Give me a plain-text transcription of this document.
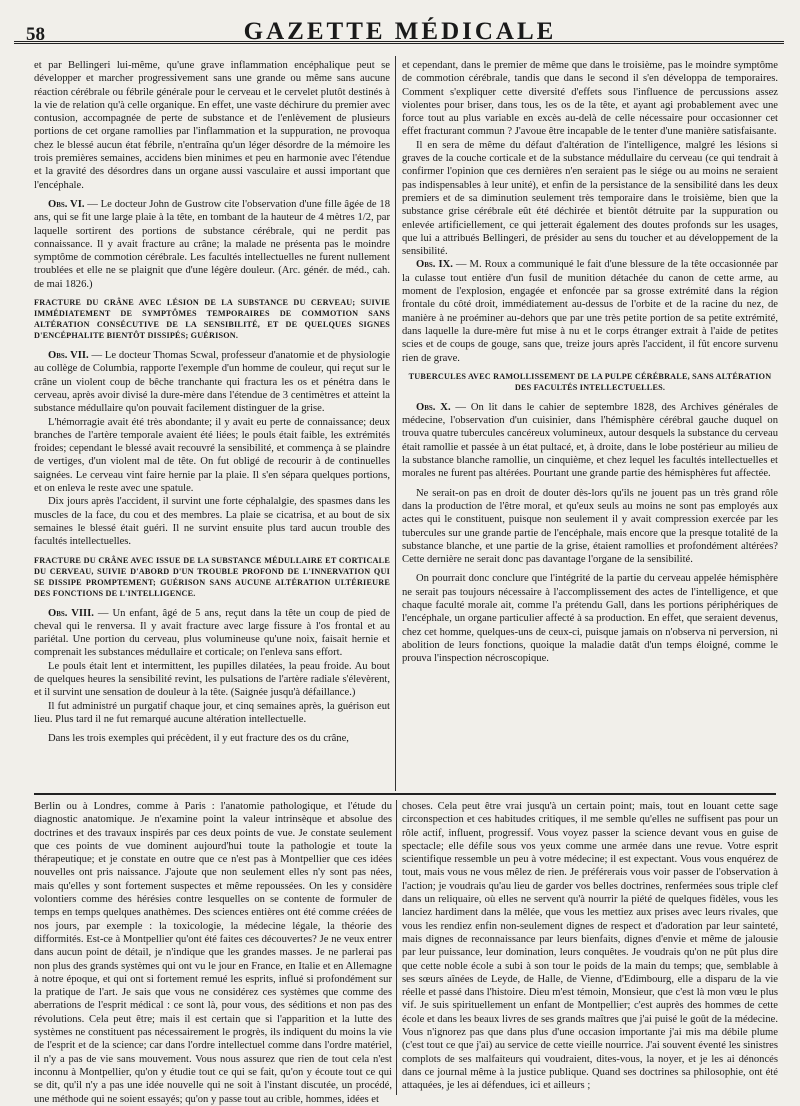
58	GAZETTE MÉDICALE

et par Bellingeri lui-même, qu'une grave inflammation encéphalique peut se développer et marcher progressivement sans une grande ou même sans aucune réaction cérébrale ou fébrile générale pour le cerveau et le cervelet plutôt destinés à la vie de relation qu'à celle organique. En effet, une vaste déchirure du premier avec contusion, accompagnée de perte de substance et de l'enlèvement de plusieurs portions de cet organe ramollies par l'inflammation et la suppuration, ne provoqua chez le blessé aucun état fébrile, n'entraîna qu'un léger désordre de la mémoire les trois premières semaines, accidens bien minimes et peu en harmonie avec l'étendue et la gravité des désordres dans un organe aussi vasculaire et aussi important que l'encéphale.

Obs. VI. — Le docteur John de Gustrow cite l'observation d'une fille âgée de 18 ans, qui se fit une large plaie à la tête, en tombant de la hauteur de 4 mètres 1/2, par laquelle sortirent des portions de substance cérébrale, qui ne perdit pas connaissance. Il y avait fracture au crâne; la malade ne présenta pas le moindre symptôme de commotion cérébrale. Les facultés intellectuelles ne furent nullement troublées et elle ne se plaignit que d'une légère douleur. (Arc. génér. de méd., cah. de mai 1826.)

FRACTURE DU CRÂNE AVEC LÉSION DE LA SUBSTANCE DU CERVEAU; SUIVIE IMMÉDIATEMENT DE SYMPTÔMES TEMPORAIRES DE COMMOTION SANS ALTÉRATION CONSÉCUTIVE DE LA SENSIBILITÉ, ET DE QUELQUES SIGNES D'ENCÉPHALITE BIENTÔT DISSIPÉS; GUÉRISON.

Obs. VII. — Le docteur Thomas Scwal, professeur d'anatomie et de physiologie au collège de Columbia, rapporte l'exemple d'un homme de couleur, qui reçut sur le crâne un violent coup de bêche tranchante qui fractura les os et pénétra dans le cerveau, après avoir divisé la dure-mère dans l'étendue de 3 centimètres et atteint la substance médullaire qu'on pouvait facilement distinguer de la grise.

L'hémorragie avait été très abondante; il y avait eu perte de connaissance; deux branches de l'artère temporale avaient été liées; le pouls était faible, les extrémités froides; cependant le blessé avait recouvré la sensibilité, et commença à se plaindre de vertiges, d'un violent mal de tête. On fut obligé de recourir à de continuelles saignées. Le cerveau vint faire hernie par la plaie. Il s'en sépara quelques portions, et on enleva le reste avec une spatule.

Dix jours après l'accident, il survint une forte céphalalgie, des spasmes dans les muscles de la face, du cou et des membres. La plaie se cicatrisa, et au bout de six semaines le blessé était guéri. Il ne survint ensuite plus tard aucun trouble des facultés intellectuelles.

FRACTURE DU CRÂNE AVEC ISSUE DE LA SUBSTANCE MÉDULLAIRE ET CORTICALE DU CERVEAU, SUIVIE D'ABORD D'UN TROUBLE PROFOND DE L'INNERVATION QUI SE DISSIPE PROMPTEMENT; GUÉRISON SANS AUCUNE ALTÉRATION ULTÉRIEURE DES FONCTIONS DE L'INTELLIGENCE.

Obs. VIII. — Un enfant, âgé de 5 ans, reçut dans la tête un coup de pied de cheval qui le renversa. Il y avait fracture avec large fissure à l'os frontal et au pariétal. Une portion du cerveau, plus volumineuse qu'une noix, faisait hernie et comprenait les substances médullaire et corticale; on l'enleva sans effort.

Le pouls était lent et intermittent, les pupilles dilatées, la peau froide. Au bout de quelques heures la sensibilité revint, les pulsations de l'artère radiale s'élevèrent, et il survint une sensation de douleur à la tête. (Saignée jusqu'à défaillance.)

Il fut administré un purgatif chaque jour, et cinq semaines après, la guérison eut lieu. Plus tard il ne fut remarqué aucune altération intellectuelle.

Dans les trois exemples qui précèdent, il y eut fracture des os du crâne,

et cependant, dans le premier de même que dans le troisième, pas le moindre symptôme de commotion cérébrale, tandis que dans le second il s'en développa de temporaires. Comment s'expliquer cette diversité d'effets sous l'influence de percussions assez violentes pour briser, dans tous, les os de la tête, et ayant agi probablement avec une force tout au plus variable en excès au-delà de celle nécessaire pour occasionner cet effet fracturant commun ? J'avoue être incapable de le tenter d'une manière satisfaisante.

Il en sera de même du défaut d'altération de l'intelligence, malgré les lésions si graves de la couche corticale et de la substance médullaire du cerveau (ce qui tendrait à confirmer l'opinion que ces dernières n'en seraient pas le siége ou au moins ne seraient pas indispensables à leur unité), et enfin de la persistance de la sensibilité dans les deux premiers et de sa diminution seulement très temporaire dans le troisième, bien que la substance grise cérébrale eût été déchirée et bientôt détruite par la suppuration ou enlevée artificiellement, ce qui jetterait également des doutes profonds sur les usages, que lui a attribués Bellingeri, de présider au sens du toucher et au développement de la sensibilité.

Obs. IX. — M. Roux a communiqué le fait d'une blessure de la tête occasionnée par la culasse tout entière d'un fusil de munition détachée du canon de cette arme, au moment de l'explosion, engagée et enfoncée par sa grosse extrémité dans la région frontale du côté droit, immédiatement au-dessus de l'orbite et de la racine du nez, de manière à ne proéminer au-dehors que par une très petite portion de sa petite extrémité, dans laquelle la dure-mère fut mise à nu et le corps étranger extrait à l'aide de petites scies et de coups de gouge, sans que, treize jours après l'accident, il fût encore survenu rien de grave.

TUBERCULES AVEC RAMOLLISSEMENT DE LA PULPE CÉRÉBRALE, SANS ALTÉRATION DES FACULTÉS INTELLECTUELLES.

Obs. X. — On lit dans le cahier de septembre 1828, des Archives générales de médecine, l'observation d'un cuisinier, dans l'hémisphère cérébral gauche duquel on trouva quatre tubercules cancéreux volumineux, autour desquels la substance du cerveau était ramollie et passée à un état pultacé, et, à droite, dans le lobe postérieur au milieu de la substance blanche ramollie, un cinquième, et chez lequel les facultés intellectuelles et morales ne furent pas altérées. Pourtant une grande partie des hémisphères fut affectée.

Ne serait-on pas en droit de douter dès-lors qu'ils ne jouent pas un très grand rôle dans la production de l'être moral, et qu'eux seuls au moins ne sont pas employés aux actes qui le constituent, puisque non seulement il y avait compression exercée par les tubercules sur une grande partie de l'encéphale, mais encore que la presque totalité de la substance blanche, et une partie de la grise, étaient ramollies et profondément altérées? Cette dernière ne serait donc pas davantage l'organe de la sensibilité.

On pourrait donc conclure que l'intégrité de la partie du cerveau appelée hémisphère ne serait pas toujours nécessaire à l'accomplissement des actes de l'intelligence, et que chaque faculté morale ait, comme l'a prétendu Gall, dans les portions périphériques de l'encéphale, un organe particulier affecté à sa production. En effet, que seraient devenus, chez cet homme, quelques-uns de ceux-ci, puisque jamais on n'observa ni perversion, ni abolition de leurs fonctions, quoique la maladie datât d'un temps éloigné, comme le prouva l'inspection nécroscopique.

Berlin ou à Londres, comme à Paris : l'anatomie pathologique, et l'étude du diagnostic anatomique. Je n'examine point la valeur intrinsèque et absolue des doctrines et des travaux inspirés par ces deux points de vue. Je constate seulement que ces points de vue dominent aujourd'hui toute la pathologie et toute la thérapeutique; et je constate en outre que ce n'est pas à Montpellier que ces idées nouvelles ont pris naissance. J'ajoute que non seulement elles n'y sont pas nées, mais qu'elles y sont fortement suspectes et même repoussées. On les y considère volontiers comme des hérésies contre lesquelles on se contente de formuler de temps en temps quelques anathèmes. Des sciences entières ont été comme créées de nos jours, par exemple : la toxicologie, la médecine légale, la théorie des difformités. Est-ce à Montpellier qu'ont été faites ces découvertes? Je ne veux entrer dans aucun point de détail, je n'indique que les grandes masses. Je ne parlerai pas non plus des grands systèmes qui ont vu le jour en France, en Italie et en Allemagne à notre époque, et qui ont si fortement remué les esprits, influé si profondément sur la pratique de l'art. Je sais que vous ne considérez ces systèmes que comme des aberrations de l'esprit médical : ce sont là, pour vous, des séditions et non pas des révolutions. Cela peut être; mais il est certain que si l'apparition et la lutte des systèmes ne constituent pas nécessairement le progrès, ils indiquent du moins la vie de l'esprit et de la science; car dans l'ordre intellectuel comme dans l'ordre matériel, il n'y a pas de vie sans mouvement. Vous nous assurez que rien de tout cela n'est inconnu à Montpellier, qu'on y étudie tout ce qui se fait, qu'on y écoute tout ce qui se dit, qu'il n'y a pas une idée nouvelle qui ne soit à l'instant discutée, un procédé, une méthode qui ne soient essayés; qu'on y passe tout au crible, hommes, idées et

choses. Cela peut être vrai jusqu'à un certain point; mais, tout en louant cette sage circonspection et ces habitudes critiques, il me semble qu'elles ne suffisent pas pour un rôle actif, influent, progressif. Vous voyez passer la science devant vous en guise de spectacle; elle défile sous vos yeux comme une armée dans une revue. Votre esprit scientifique ressemble un peu à votre médecine; il est expectant. Vous vous enquérez de tout, mais vous ne vous mêlez de rien. Je préférerais vous voir passer de l'observation à l'action; je voudrais qu'au lieu de garder vos belles doctrines, renfermées sous triple clef dans un reliquaire, où elles ne servent qu'à nourrir la piété de quelques fidèles, vous les lanciez hardiment dans la mêlée, que vous les mettiez aux prises avec leurs rivales, que vous les rendiez enfin non-seulement dignes de respect et d'adoration par leur sainteté, mais dignes de reconnaissance par leurs bienfaits, dignes d'envie et même de jalousie par leur puissance, leur domination, leurs conquêtes. Je voudrais qu'on ne pût plus dire que cette noble école a subi à son tour le poids de la main du temps; que, semblable à ses sœurs aînées de Leyde, de Halle, de Vienne, d'Edimbourg, elle a disparu de la vie réelle et passé dans l'histoire. Dieu m'est témoin, Monsieur, que c'est là mon vœu le plus vif. Je suis spirituellement un enfant de Montpellier; c'est auprès des hommes de cette école et dans les beaux livres de ses grands maîtres que j'ai puisé le goût de la médecine. Vous n'ignorez pas que dans plus d'une occasion importante j'ai mis ma débile plume (c'est tout ce que j'ai) au service de cette vieille nourrice. J'ai souvent éventé les sinistres complots de ses malfaiteurs qui voudraient, dites-vous, la noyer, et je les ai dénoncés dans ce journal même à la justice publique. Quand ses doctrines sa philosophie, ont été attaquées, je les ai défendues, ici et ailleurs ;
